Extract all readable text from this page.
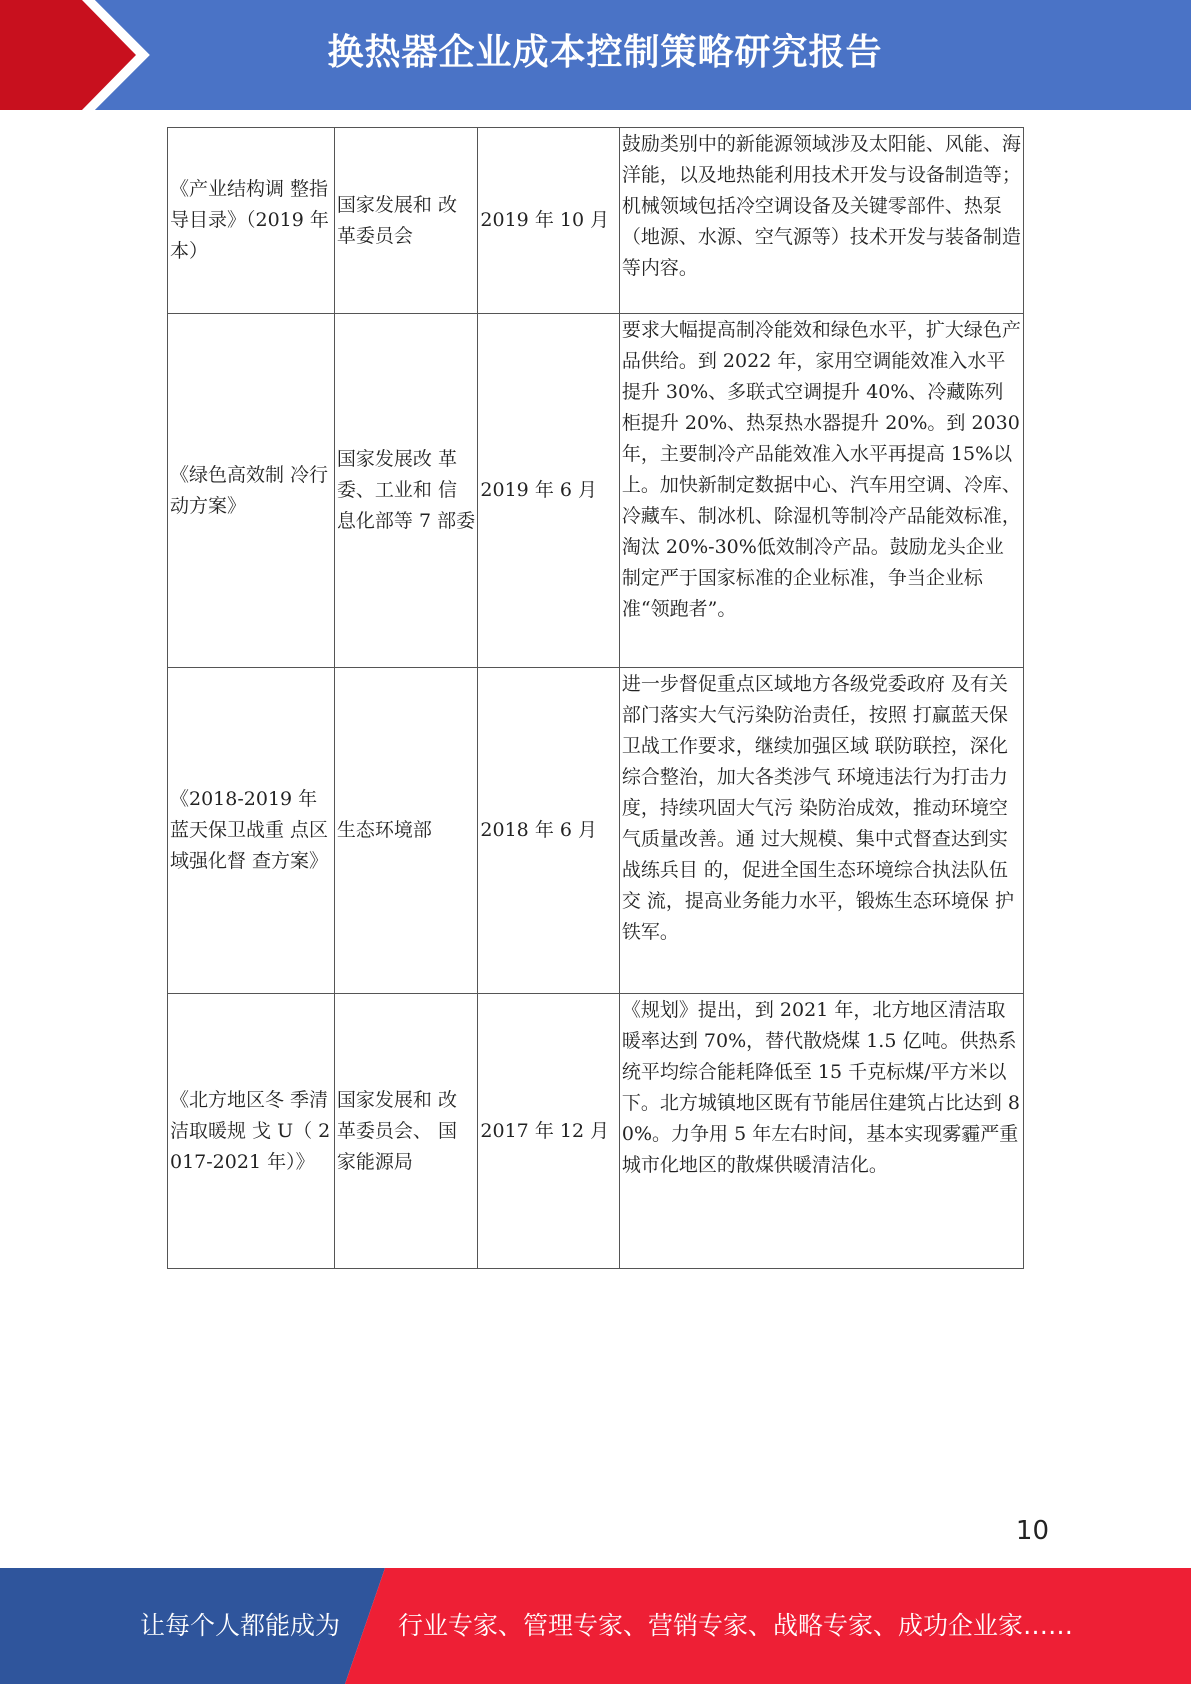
换热器企业成本控制策略研究报告
《产业结构调 整指导目录》（2019 年本）	国家发展和 改革委员会	2019 年 10 月	鼓励类别中的新能源领域涉及太阳能、风能、海洋能，以及地热能利用技术开发与设备制造等；机械领域包括冷空调设备及关键零部件、热泵（地源、水源、空气源等）技术开发与装备制造等内容。
《绿色高效制 冷行动方案》	国家发展改 革委、工业和 信息化部等 7 部委	2019 年 6 月	要求大幅提高制冷能效和绿色水平，扩大绿色产品供给。到 2022 年，家用空调能效准入水平提升 30%、多联式空调提升 40%、冷藏陈列柜提升 20%、热泵热水器提升 20%。到 2030 年，主要制冷产品能效准入水平再提高 15%以上。加快新制定数据中心、汽车用空调、冷库、冷藏车、制冰机、除湿机等制冷产品能效标准，淘汰 20%-30%低效制冷产品。鼓励龙头企业制定严于国家标准的企业标准，争当企业标准“领跑者”。
《2018-2019 年蓝天保卫战重 点区域强化督 查方案》	生态环境部	2018 年 6 月	进一步督促重点区域地方各级党委政府 及有关部门落实大气污染防治责任，按照 打赢蓝天保卫战工作要求，继续加强区域 联防联控，深化综合整治，加大各类涉气 环境违法行为打击力度，持续巩固大气污 染防治成效，推动环境空气质量改善。通 过大规模、集中式督查达到实战练兵目 的，促进全国生态环境综合执法队伍交 流，提高业务能力水平，锻炼生态环境保 护铁军。
《北方地区冬 季清洁取暖规 戈 U（ 2017-2021 年）》	国家发展和 改革委员会、 国家能源局	2017 年 12 月	《规划》提出，到 2021 年，北方地区清洁取暖率达到 70%，替代散烧煤 1.5 亿吨。供热系统平均综合能耗降低至 15 千克标煤/平方米以下。北方城镇地区既有节能居住建筑占比达到 80%。力争用 5 年左右时间，基本实现雾霾严重城市化地区的散煤供暖清洁化。
10
让每个人都能成为	行业专家、管理专家、营销专家、战略专家、成功企业家……
